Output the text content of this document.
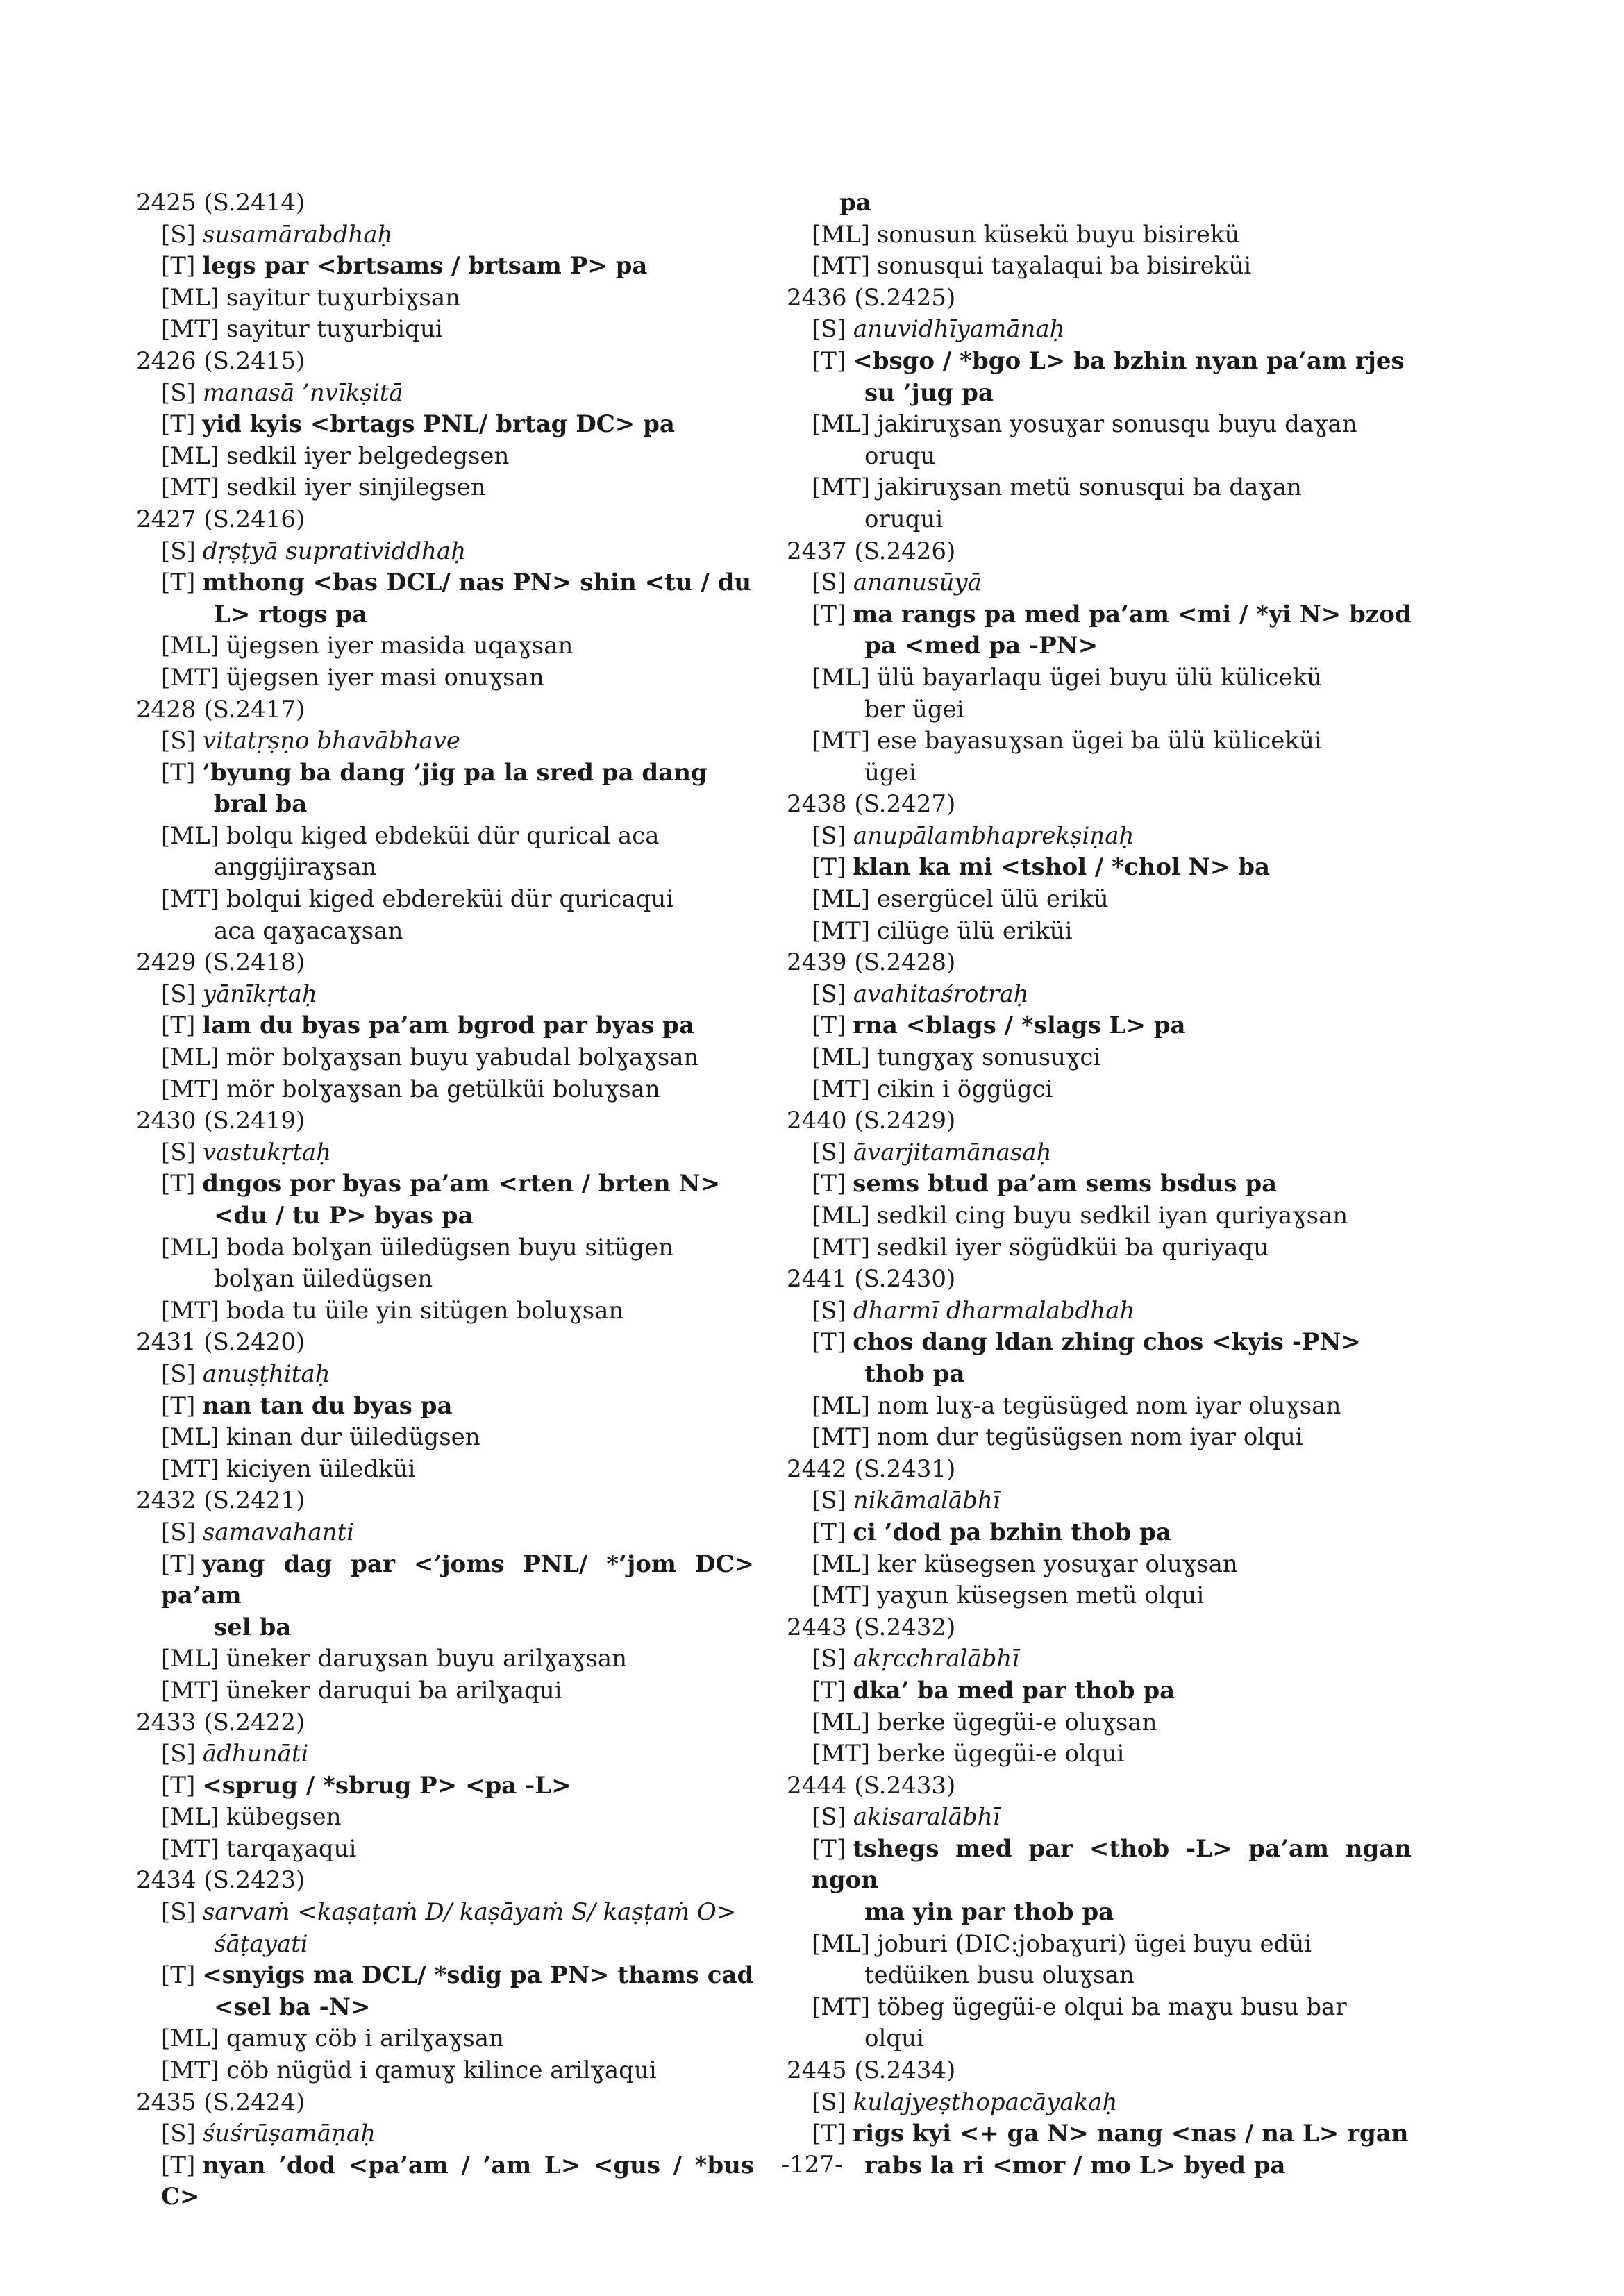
2425 (S.2414)
[S] susamārabdhaḥ
[T] legs par <brtsams / brtsam P> pa
[ML] sayitur tuɣurbiɣsan
[MT] sayitur tuɣurbiqui
2426 (S.2415)
[S] manasā ’nvīkṣitā
[T] yid kyis <brtags PNL/ brtag DC> pa
[ML] sedkil iyer belgedegsen
[MT] sedkil iyer sinjilegsen
2427 (S.2416)
[S] dṛṣṭyā supratividdhaḥ
[T] mthong <bas DCL/ nas PN> shin <tu / du
L> rtogs pa
[ML] üjegsen iyer masida uqaɣsan
[MT] üjegsen iyer masi onuɣsan
2428 (S.2417)
[S] vitatṛṣṇo bhavābhave
[T] ’byung ba dang ’jig pa la sred pa dang
bral ba
[ML] bolqu kiged ebdeküi dür qurical aca
anggijiraɣsan
[MT] bolqui kiged ebdereküi dür quricaqui
aca qaɣacaɣsan
2429 (S.2418)
[S] yānīkṛtaḥ
[T] lam du byas pa’am bgrod par byas pa
[ML] mör bolɣaɣsan buyu yabudal bolɣaɣsan
[MT] mör bolɣaɣsan ba getülküi boluɣsan
2430 (S.2419)
[S] vastukṛtaḥ
[T] dngos por byas pa’am <rten / brten N>
<du / tu P> byas pa
[ML] boda bolɣan üiledügsen buyu sitügen
bolɣan üiledügsen
[MT] boda tu üile yin sitügen boluɣsan
2431 (S.2420)
[S] anuṣṭhitaḥ
[T] nan tan du byas pa
[ML] kinan dur üiledügsen
[MT] kiciyen üiledküi
2432 (S.2421)
[S] samavahanti
[T] yang dag par <’joms PNL/ *’jom DC> pa’am
sel ba
[ML] üneker daruɣsan buyu arilɣaɣsan
[MT] üneker daruqui ba arilɣaqui
2433 (S.2422)
[S] ādhunāti
[T] <sprug / *sbrug P> <pa -L>
[ML] kübegsen
[MT] tarqaɣaqui
2434 (S.2423)
[S] sarvaṁ <kaṣaṭaṁ D/ kaṣāyaṁ S/ kaṣṭaṁ O>
śāṭayati
[T] <snyigs ma DCL/ *sdig pa PN> thams cad
<sel ba -N>
[ML] qamuɣ cöb i arilɣaɣsan
[MT] cöb nügüd i qamuɣ kilince arilɣaqui
2435 (S.2424)
[S] śuśrūṣamāṇaḥ
[T] nyan ’dod <pa’am / ’am L> <gus / *bus C>
pa
[ML] sonusun küsekü buyu bisirekü
[MT] sonusqui taɣalaqui ba bisireküi
2436 (S.2425)
[S] anuvidhīyamānaḥ
[T] <bsgo / *bgo L> ba bzhin nyan pa’am rjes
su ’jug pa
[ML] jakiruɣsan yosuɣar sonusqu buyu daɣan
oruqu
[MT] jakiruɣsan metü sonusqui ba daɣan
oruqui
2437 (S.2426)
[S] ananusūyā
[T] ma rangs pa med pa’am <mi / *yi N> bzod
pa <med pa -PN>
[ML] ülü bayarlaqu ügei buyu ülü külicekü
ber ügei
[MT] ese bayasuɣsan ügei ba ülü küliceküi
ügei
2438 (S.2427)
[S] anupālambhaprekṣiṇaḥ
[T] klan ka mi <tshol / *chol N> ba
[ML] esergücel ülü erikü
[MT] cilüge ülü eriküi
2439 (S.2428)
[S] avahitaśrotraḥ
[T] rna <blags / *slags L> pa
[ML] tungɣaɣ sonusuɣci
[MT] cikin i öggügci
2440 (S.2429)
[S] āvarjitamānasaḥ
[T] sems btud pa’am sems bsdus pa
[ML] sedkil cing buyu sedkil iyan quriyaɣsan
[MT] sedkil iyer sögüdküi ba quriyaqu
2441 (S.2430)
[S] dharmī dharmalabdhah
[T] chos dang ldan zhing chos <kyis -PN>
thob pa
[ML] nom luɣ-a tegüsüged nom iyar oluɣsan
[MT] nom dur tegüsügsen nom iyar olqui
2442 (S.2431)
[S] nikāmalābhī
[T] ci ’dod pa bzhin thob pa
[ML] ker küsegsen yosuɣar oluɣsan
[MT] yaɣun küsegsen metü olqui
2443 (S.2432)
[S] akṛcchralābhī
[T] dka’ ba med par thob pa
[ML] berke ügegüi-e oluɣsan
[MT] berke ügegüi-e olqui
2444 (S.2433)
[S] akisaralābhī
[T] tshegs med par <thob -L> pa’am ngan ngon
ma yin par thob pa
[ML] joburi (DIC:jobaɣuri) ügei buyu edüi
tedüiken busu oluɣsan
[MT] töbeg ügegüi-e olqui ba maɣu busu bar
olqui
2445 (S.2434)
[S] kulajyeṣthopacāyakaḥ
[T] rigs kyi <+ ga N> nang <nas / na L> rgan
rabs la ri <mor / mo L> byed pa
-127-
